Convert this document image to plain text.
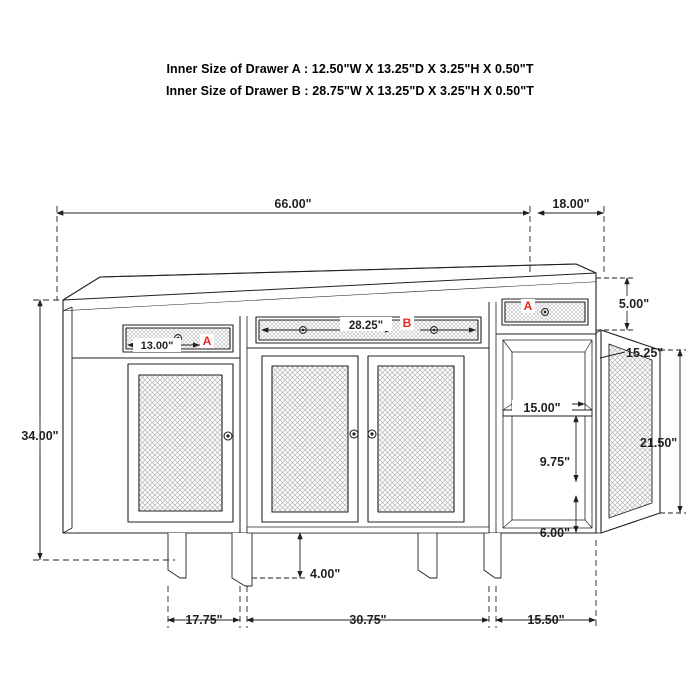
Inner Size of Drawer A : 12.50"W X 13.25"D X 3.25"H X 0.50"T
Inner Size of Drawer B : 28.75"W X 13.25"D X 3.25"H X 0.50"T
66.00"	18.00"
34.00"
5.00"
15.25"
21.50"
15.00"
9.75"
6.00"
4.00"
17.75"	30.75"	15.50"
13.00"
28.25"
A
B
A
